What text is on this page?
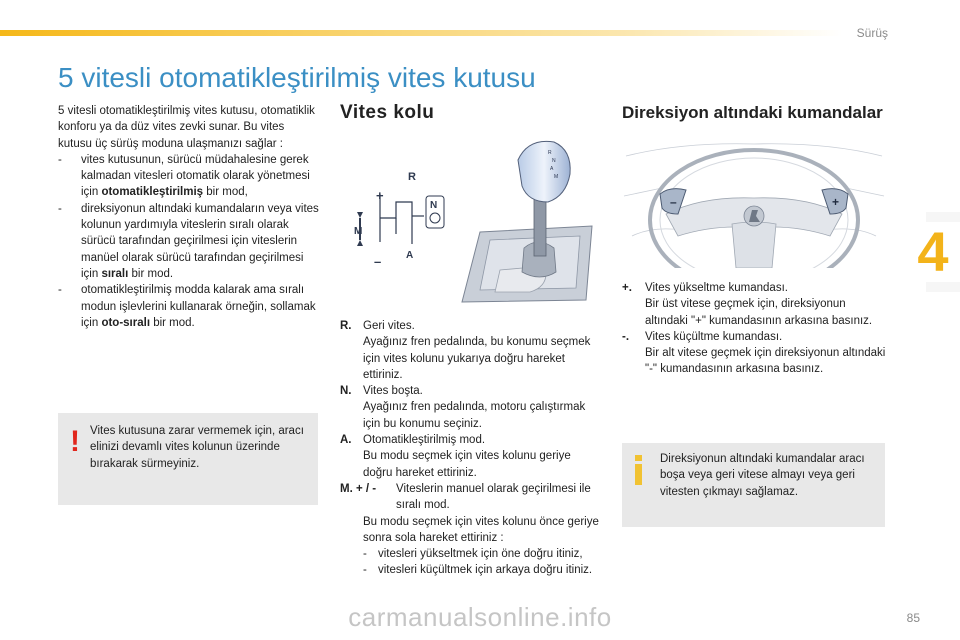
Sürüş
4
5 vitesli otomatikleştirilmiş vites kutusu

5 vitesli otomatikleştirilmiş vites kutusu, otomatiklik konforu ya da düz vites zevki sunar. Bu vites kutusu üç sürüş moduna ulaşmanızı sağlar :

- vites kutusunun, sürücü müdahalesine gerek kalmadan vitesleri otomatik olarak yönetmesi için otomatikleştirilmiş bir mod,
- direksiyonun altındaki kumandaların veya vites kolunun yardımıyla viteslerin sıralı olarak sürücü tarafından geçirilmesi için viteslerin manüel olarak sürücü tarafından geçirilmesi için sıralı bir mod.
- otomatikleştirilmiş modda kalarak ama sıralı modun işlevlerini kullanarak örneğin, sollamak için oto-sıralı bir mod.
! Vites kutusuna zarar vermemek için, aracı elinizi devamlı vites kolunun üzerinde bırakarak sürmeyiniz.
Vites kolu
R
N
A
M
R
+
M
– A
N
R.	Geri vites.
Ayağınız fren pedalında, bu konumu seçmek için vites kolunu yukarıya doğru hareket ettiriniz.
N.	Vites boşta.
Ayağınız fren pedalında, motoru çalıştırmak için bu konumu seçiniz.
A.	Otomatikleştirilmiş mod.
Bu modu seçmek için vites kolunu geriye doğru hareket ettiriniz.
M. + / -	Viteslerin manuel olarak geçirilmesi ile sıralı mod.
Bu modu seçmek için vites kolunu önce geriye sonra sola hareket ettiriniz :
- vitesleri yükseltmek için öne doğru itiniz,
- vitesleri küçültmek için arkaya doğru itiniz.
Direksiyon altındaki kumandalar
–	+
+.	Vites yükseltme kumandası.
Bir üst vitese geçmek için, direksiyonun altındaki "+" kumandasının arkasına basınız.
-.	Vites küçültme kumandası.
Bir alt vitese geçmek için direksiyonun altındaki "-" kumandasının arkasına basınız.
Direksiyonun altındaki kumandalar aracı boşa veya geri vitese almayı veya geri vitesten çıkmayı sağlamaz.
85
carmanualsonline.info
